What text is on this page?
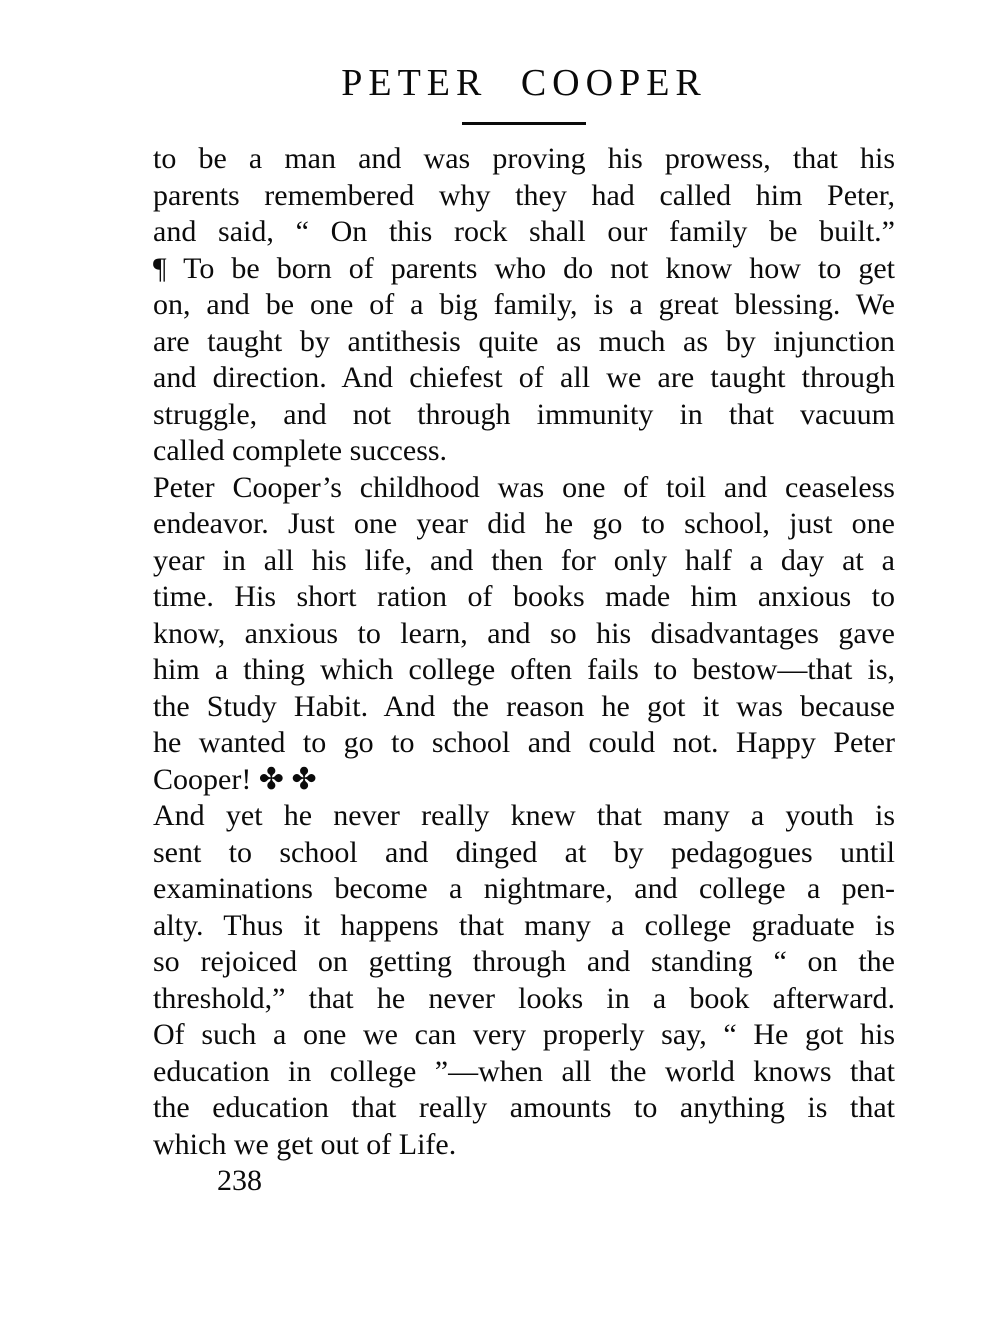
PETER COOPER
to be a man and was proving his prowess, that his
parents remembered why they had called him Peter,
and said, “ On this rock shall our family be built.”
¶ To be born of parents who do not know how to get
on, and be one of a big family, is a great blessing. We
are taught by antithesis quite as much as by injunction
and direction. And chiefest of all we are taught through
struggle, and not through immunity in that vacuum
called complete success.
Peter Cooper’s childhood was one of toil and ceaseless
endeavor. Just one year did he go to school, just one
year in all his life, and then for only half a day at a
time. His short ration of books made him anxious to
know, anxious to learn, and so his disadvantages gave
him a thing which college often fails to bestow—that is,
the Study Habit. And the reason he got it was because
he wanted to go to school and could not. Happy Peter
Cooper! ✤ ✤
And yet he never really knew that many a youth is
sent to school and dinged at by pedagogues until
examinations become a nightmare, and college a pen-
alty. Thus it happens that many a college graduate is
so rejoiced on getting through and standing “ on the
threshold,” that he never looks in a book afterward.
Of such a one we can very properly say, “ He got his
education in college ”—when all the world knows that
the education that really amounts to anything is that
which we get out of Life.
238
